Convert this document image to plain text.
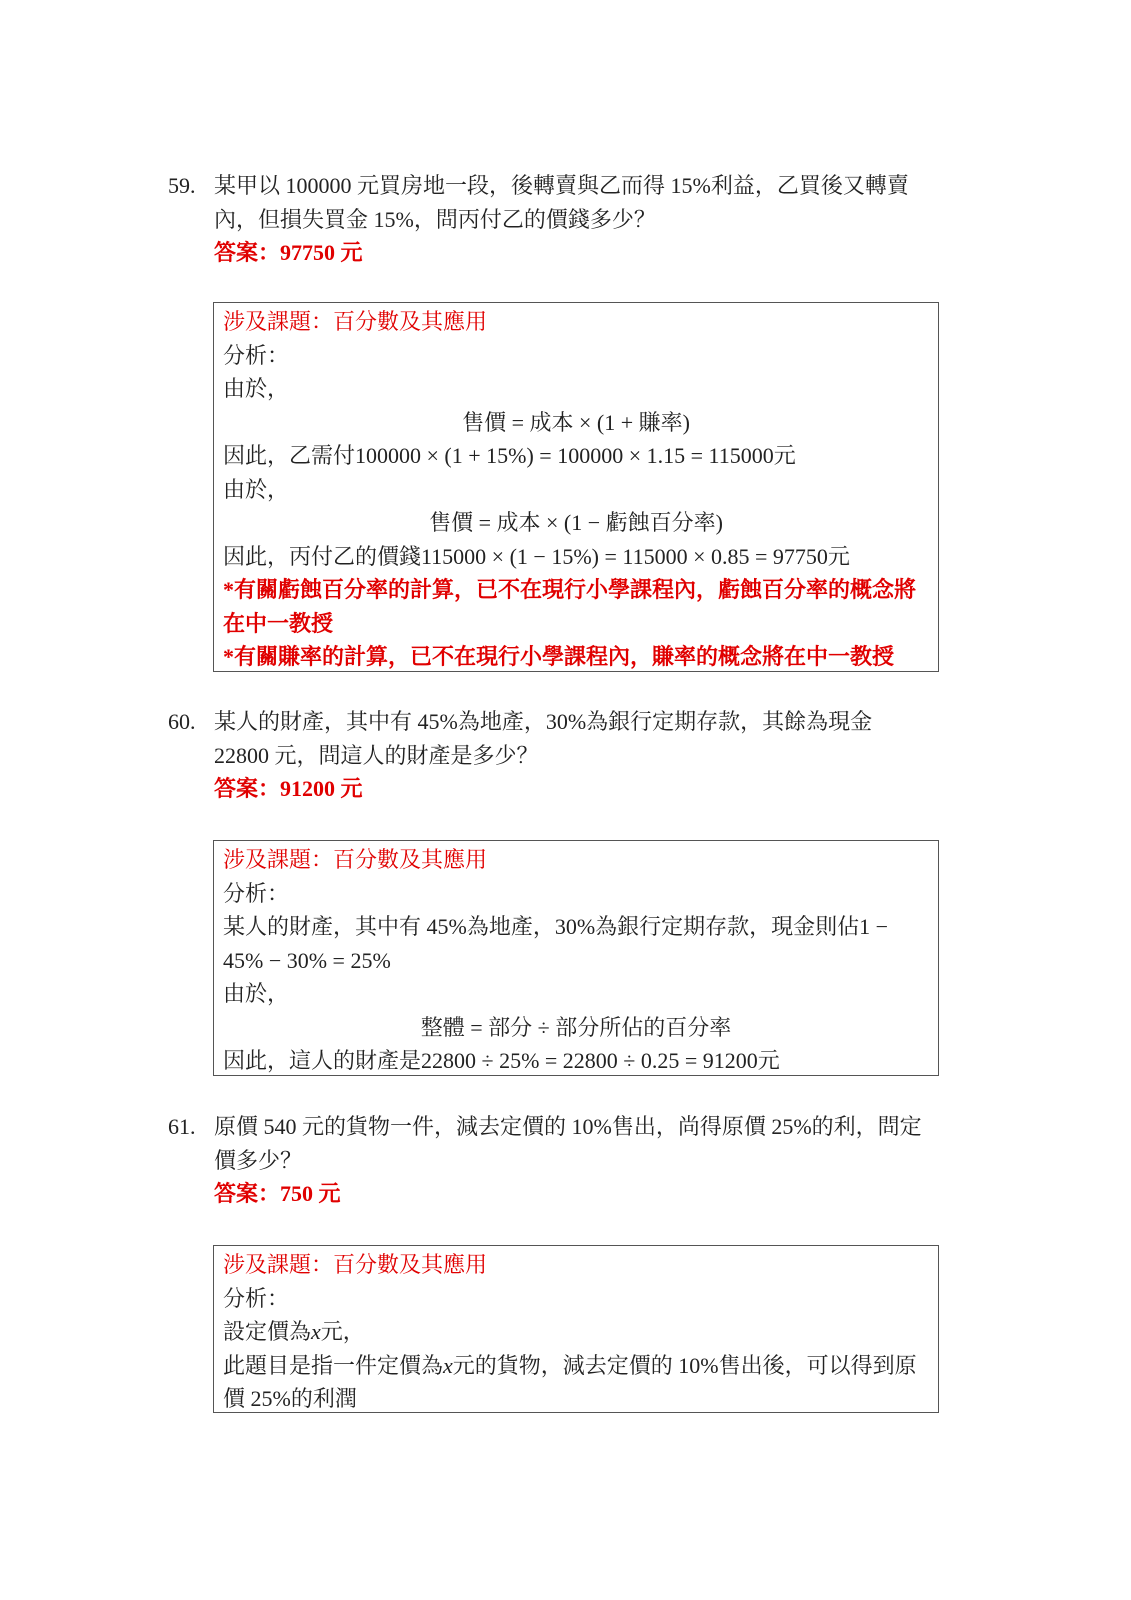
59. 某甲以 100000 元買房地一段，後轉賣與乙而得 15%利益，乙買後又轉賣
內，但損失買金 15%，問丙付乙的價錢多少？
答案：97750 元
涉及課題：百分數及其應用
分析：
由於，
售價 = 成本 × (1 + 賺率)
因此，乙需付100000 × (1 + 15%) = 100000 × 1.15 = 115000元
由於，
售價 = 成本 × (1 − 虧蝕百分率)
因此，丙付乙的價錢115000 × (1 − 15%) = 115000 × 0.85 = 97750元
*有關虧蝕百分率的計算，已不在現行小學課程內，虧蝕百分率的概念將
在中一教授
*有關賺率的計算，已不在現行小學課程內，賺率的概念將在中一教授
60. 某人的財產，其中有 45%為地產，30%為銀行定期存款，其餘為現金
22800 元，問這人的財產是多少？
答案：91200 元
涉及課題：百分數及其應用
分析：
某人的財產，其中有 45%為地產，30%為銀行定期存款，現金則佔1 −
45% − 30% = 25%
由於，
整體 = 部分 ÷ 部分所佔的百分率
因此，這人的財產是22800 ÷ 25% = 22800 ÷ 0.25 = 91200元
61. 原價 540 元的貨物一件，減去定價的 10%售出，尚得原價 25%的利，問定
價多少？
答案：750 元
涉及課題：百分數及其應用
分析：
設定價為x元，
此題目是指一件定價為x元的貨物，減去定價的 10%售出後，可以得到原
價 25%的利潤
